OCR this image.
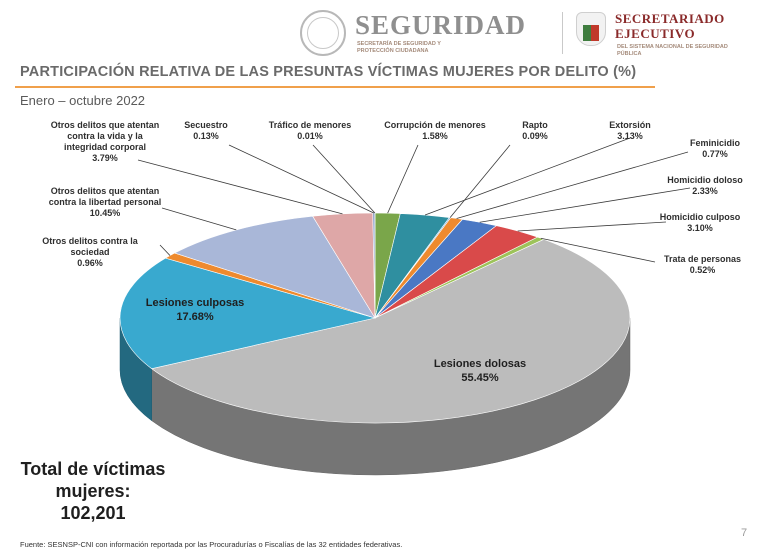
SEGURIDAD
SECRETARÍA DE SEGURIDAD Y PROTECCIÓN CIUDADANA
SECRETARIADO
EJECUTIVO
DEL SISTEMA NACIONAL DE SEGURIDAD PÚBLICA
PARTICIPACIÓN RELATIVA DE LAS PRESUNTAS VÍCTIMAS MUJERES POR DELITO (%)
Enero – octubre 2022
Otros delitos que atentan
contra la vida y la
integridad corporal
3.79%
Secuestro
0.13%
Tráfico de menores
0.01%
Corrupción de menores
1.58%
Rapto
0.09%
Extorsión
3.13%
Feminicidio
0.77%
Homicidio doloso
2.33%
Homicidio culposo
3.10%
Trata de personas
0.52%
Otros delitos que atentan
contra la libertad personal
10.45%
Otros delitos contra la
sociedad
0.96%
Lesiones culposas
17.68%
Lesiones dolosas
55.45%
Total de víctimas
mujeres:
102,201
Fuente: SESNSP-CNI con información reportada por las Procuradurías o Fiscalías de las 32 entidades federativas.
7
